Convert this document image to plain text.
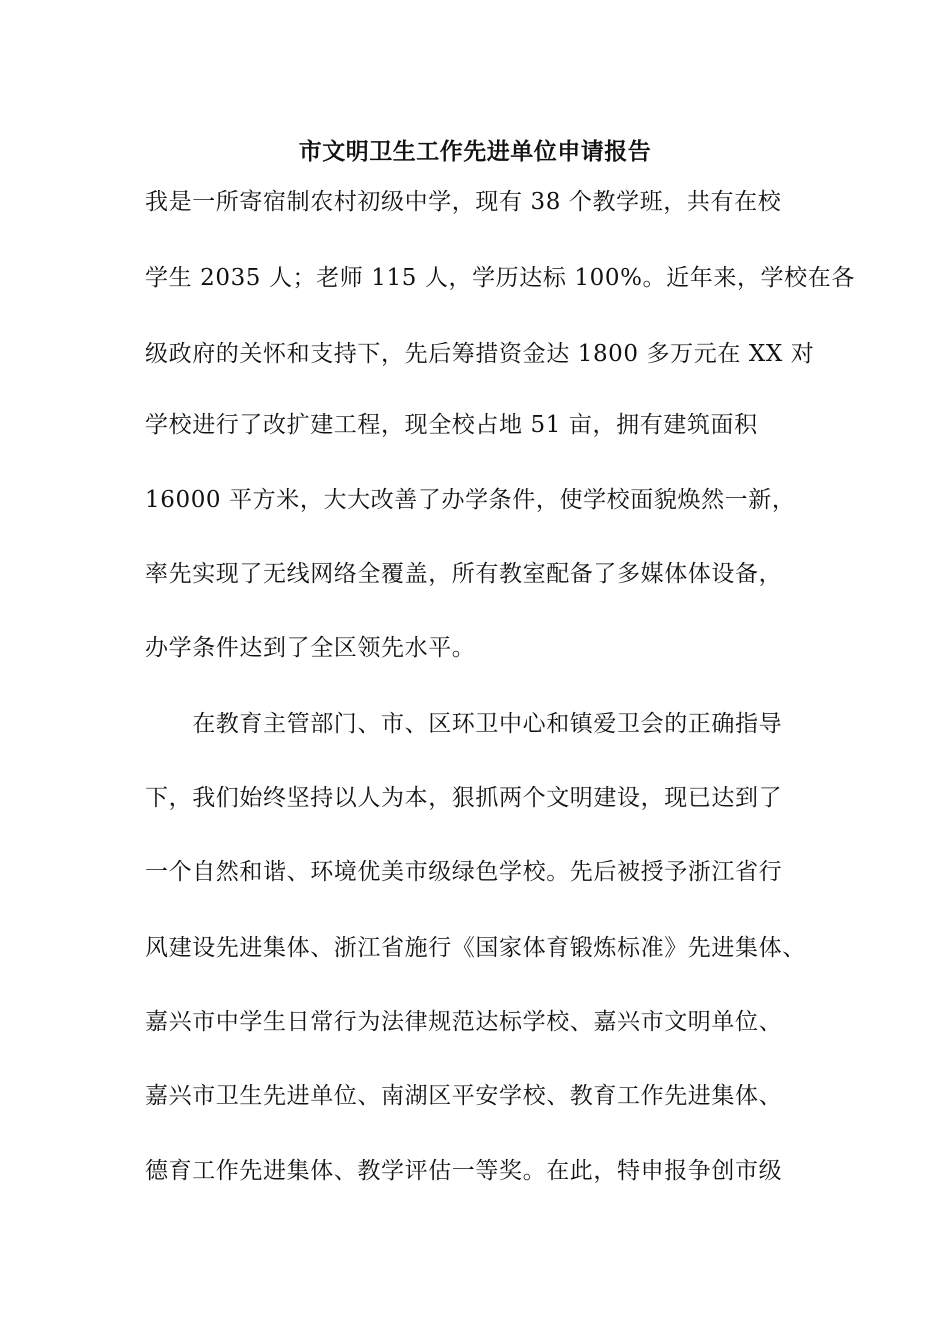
市文明卫生工作先进单位申请报告
我是一所寄宿制农村初级中学，现有 38 个教学班，共有在校
学生 2035 人；老师 115 人，学历达标 100%。近年来，学校在各
级政府的关怀和支持下，先后筹措资金达 1800 多万元在 XX 对
学校进行了改扩建工程，现全校占地 51 亩，拥有建筑面积
16000 平方米，大大改善了办学条件，使学校面貌焕然一新，
率先实现了无线网络全覆盖，所有教室配备了多媒体体设备，
办学条件达到了全区领先水平。
　　在教育主管部门、市、区环卫中心和镇爱卫会的正确指导
下，我们始终坚持以人为本，狠抓两个文明建设，现已达到了
一个自然和谐、环境优美市级绿色学校。先后被授予浙江省行
风建设先进集体、浙江省施行《国家体育锻炼标准》先进集体、
嘉兴市中学生日常行为法律规范达标学校、嘉兴市文明单位、
嘉兴市卫生先进单位、南湖区平安学校、教育工作先进集体、
德育工作先进集体、教学评估一等奖。在此，特申报争创市级
